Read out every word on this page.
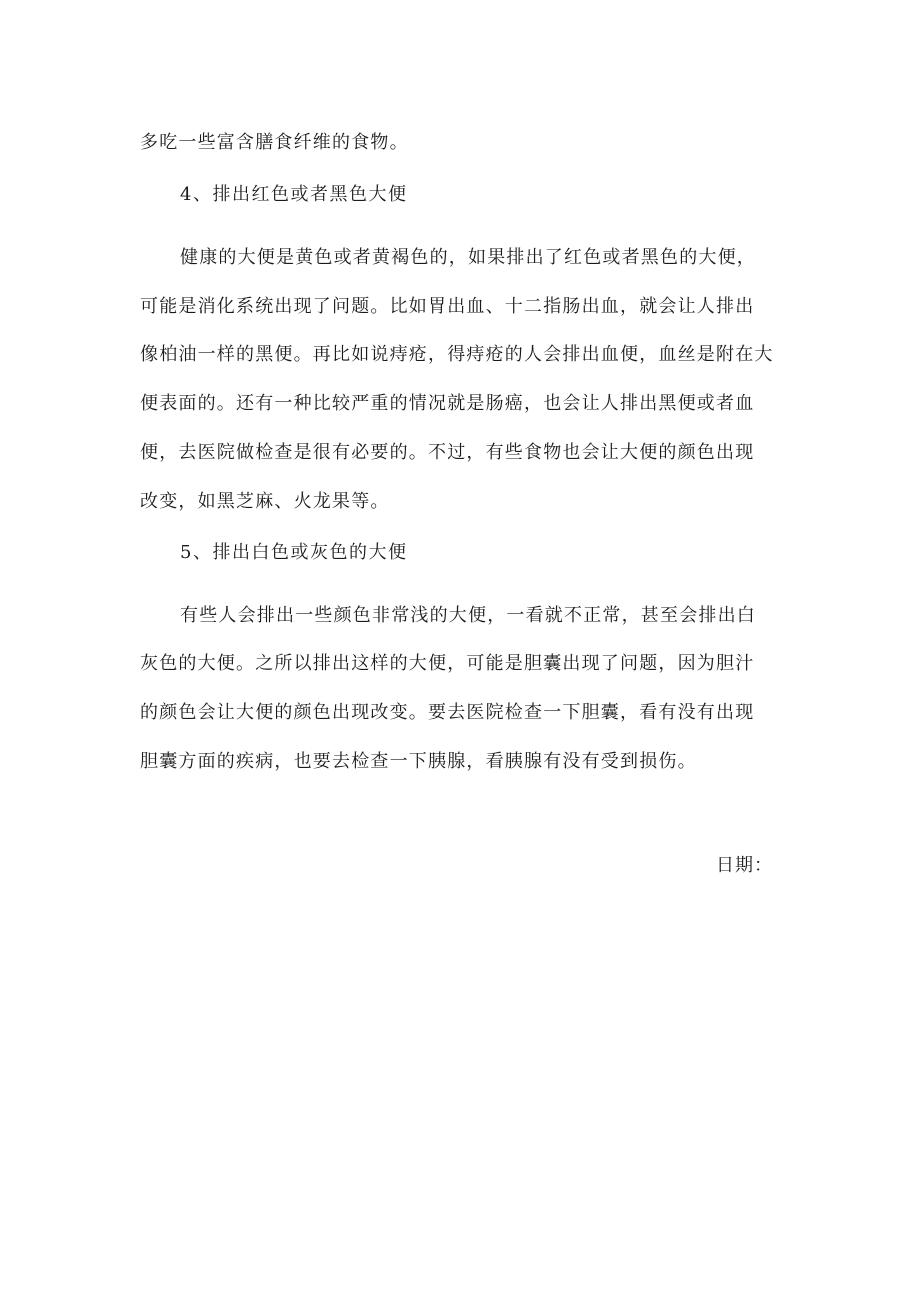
多吃一些富含膳食纤维的食物。
4、排出红色或者黑色大便
健康的大便是黄色或者黄褐色的，如果排出了红色或者黑色的大便，
可能是消化系统出现了问题。比如胃出血、十二指肠出血，就会让人排出
像柏油一样的黑便。再比如说痔疮，得痔疮的人会排出血便，血丝是附在大
便表面的。还有一种比较严重的情况就是肠癌，也会让人排出黑便或者血
便，去医院做检查是很有必要的。不过，有些食物也会让大便的颜色出现
改变，如黑芝麻、火龙果等。
5、排出白色或灰色的大便
有些人会排出一些颜色非常浅的大便，一看就不正常，甚至会排出白
灰色的大便。之所以排出这样的大便，可能是胆囊出现了问题，因为胆汁
的颜色会让大便的颜色出现改变。要去医院检查一下胆囊，看有没有出现
胆囊方面的疾病，也要去检查一下胰腺，看胰腺有没有受到损伤。
日期：
